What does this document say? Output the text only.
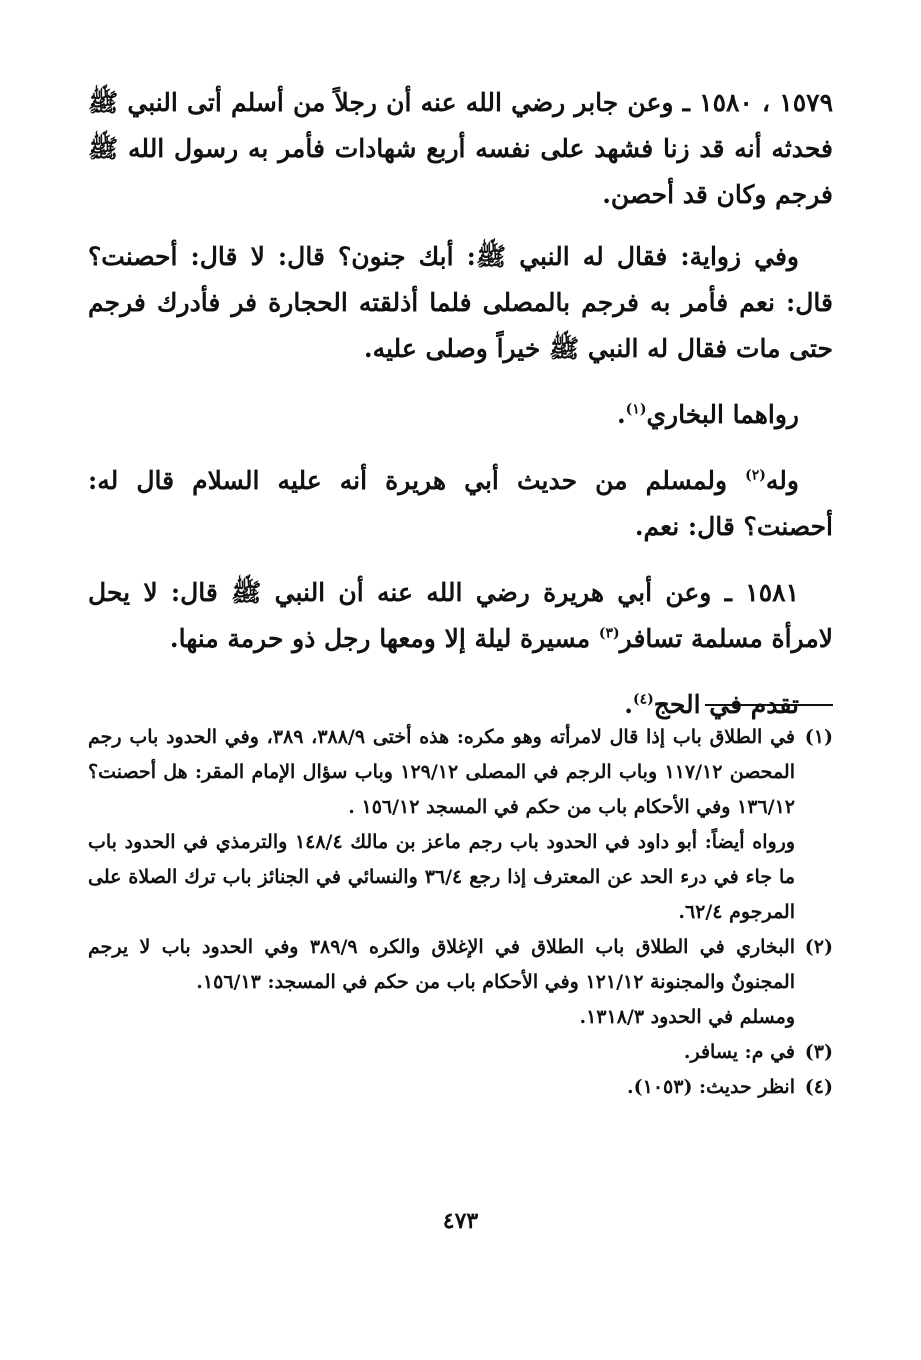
١٥٧٩ ، ١٥٨٠ ـ وعن جابر رضي الله عنه أن رجلاً من أسلم أتى النبي ﷺ فحدثه أنه قد زنا فشهد على نفسه أربع شهادات فأمر به رسول الله ﷺ فرجم وكان قد أحصن.

وفي زواية: فقال له النبي ﷺ: أبك جنون؟ قال: لا قال: أحصنت؟ قال: نعم فأمر به فرجم بالمصلى فلما أذلقته الحجارة فر فأدرك فرجم حتى مات فقال له النبي ﷺ خيراً وصلى عليه.

رواهما البخاري$^{(١)}$.

وله$^{(٢)}$ ولمسلم من حديث أبي هريرة أنه عليه السلام قال له: أحصنت؟ قال: نعم.

١٥٨١ ـ وعن أبي هريرة رضي الله عنه أن النبي ﷺ قال: لا يحل لامرأة مسلمة تسافر$^{(٣)}$ مسيرة ليلة إلا ومعها رجل ذو حرمة منها.

تقدم في الحج$^{(٤)}$.

(١)
في الطلاق باب إذا قال لامرأته وهو مكره: هذه أختى ٣٨٨/٩، ٣٨٩، وفي الحدود باب رجم المحصن ١١٧/١٢ وباب الرجم في المصلى ١٢٩/١٢ وباب سؤال الإمام المقر: هل أحصنت؟ ١٣٦/١٢ وفي الأحكام باب من حكم في المسجد ١٥٦/١٢ .

ورواه أيضاً: أبو داود في الحدود باب رجم ماعز بن مالك ١٤٨/٤ والترمذي في الحدود باب ما جاء في درء الحد عن المعترف إذا رجع ٣٦/٤ والنسائي في الجنائز باب ترك الصلاة على المرجوم ٦٢/٤.

(٢)
البخاري في الطلاق باب الطلاق في الإغلاق والكره ٣٨٩/٩ وفي الحدود باب لا يرجم المجنونٌ والمجنونة ١٢١/١٢ وفي الأحكام باب من حكم في المسجد: ١٥٦/١٣.

ومسلم في الحدود ١٣١٨/٣.

(٣)
في م: يسافر.

(٤)
انظر حديث: (١٠٥٣).

٤٧٣
